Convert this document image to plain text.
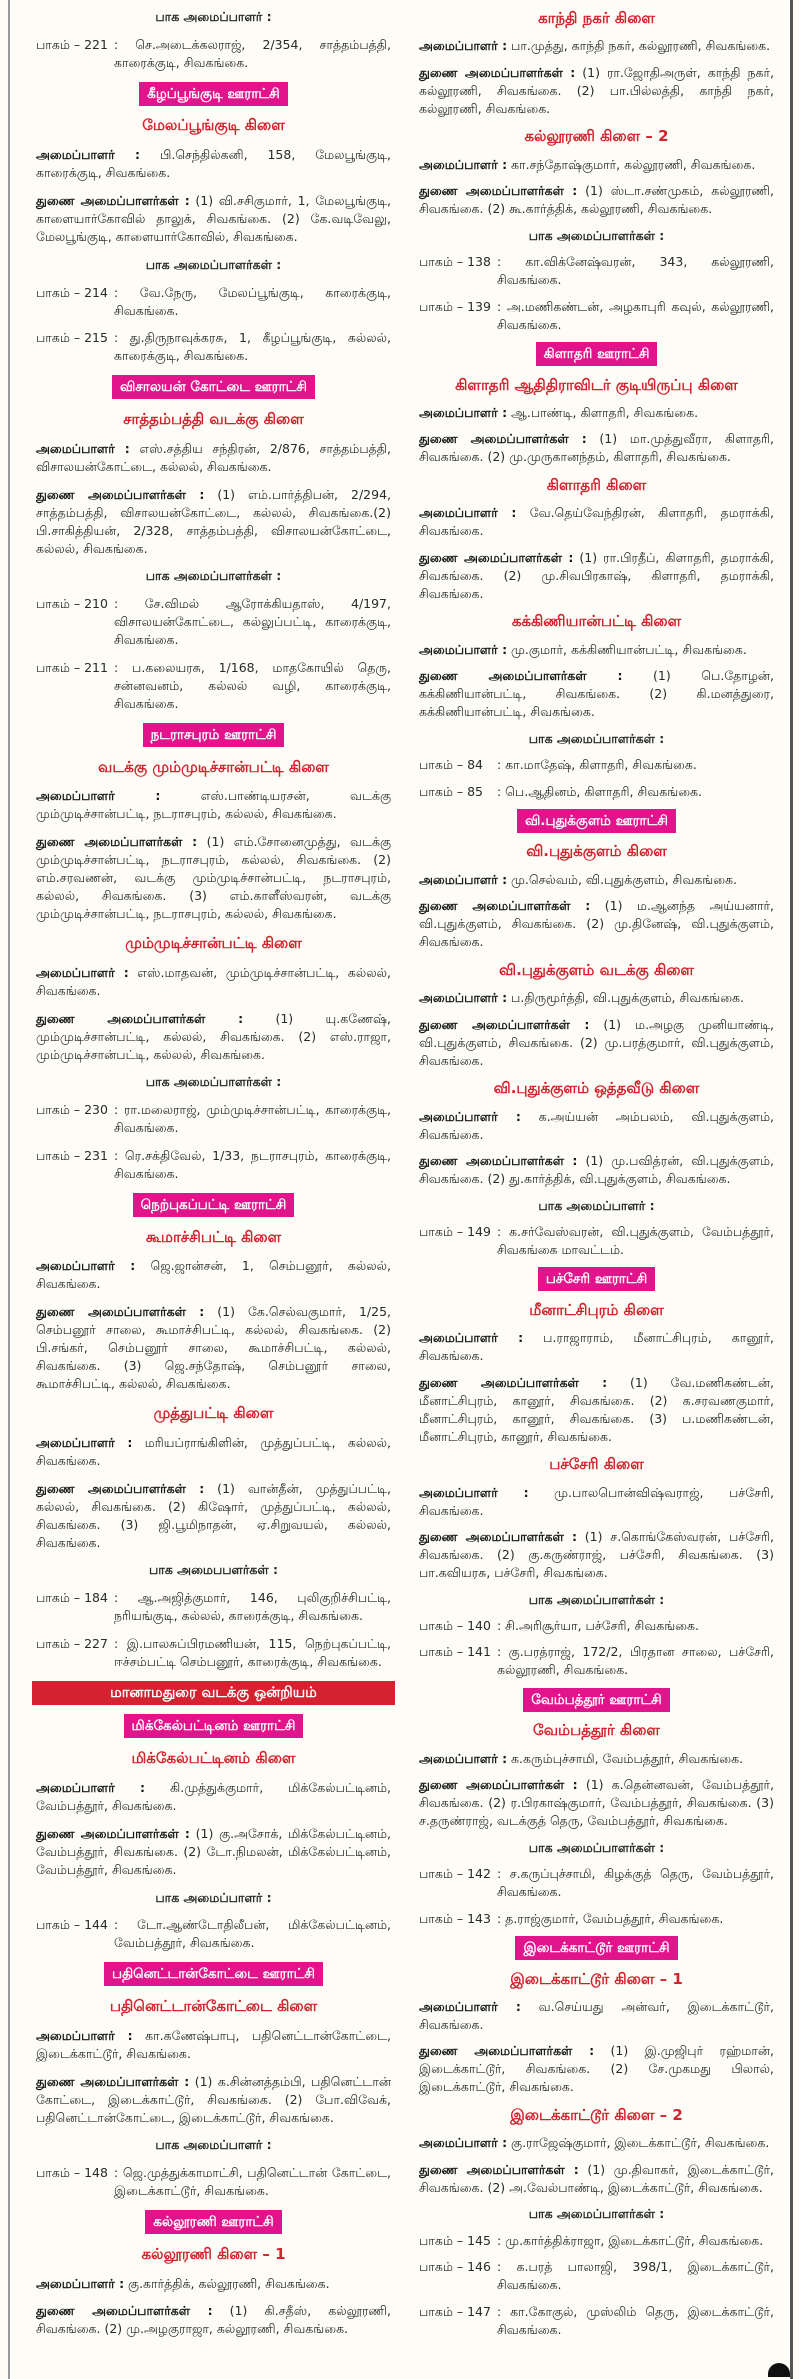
பாக அமைப்பாளர் :
பாகம் – 221 : செ.அடைக்கலராஜ், 2/354, சாத்தம்பத்தி, காரைக்குடி, சிவகங்கை.
கீழப்பூங்குடி ஊராட்சி
மேலப்பூங்குடி கிளை
அமைப்பாளர் : பி.செந்தில்கனி, 158, மேலபூங்குடி, காரைக்குடி, சிவகங்கை.
துணை அமைப்பாளர்கள் : (1) வி.சசிகுமார், 1, மேலபூங்குடி, காளையார்கோவில் தாலுக், சிவகங்கை. (2) கே.வடிவேலு, மேலபூங்குடி, காளையார்கோவில், சிவகங்கை.
பாக அமைப்பாளர்கள் :
பாகம் – 214 : வே.நேரு, மேலப்பூங்குடி, காரைக்குடி, சிவகங்கை.
பாகம் – 215 : து.திருநாவுக்கரசு, 1, கீழப்பூங்குடி, கல்லல், காரைக்குடி, சிவகங்கை.
விசாலயன் கோட்டை ஊராட்சி
சாத்தம்பத்தி வடக்கு கிளை
அமைப்பாளர் : எஸ்.சத்திய சந்திரன், 2/876, சாத்தம்பத்தி, விசாலயன்கோட்டை, கல்லல், சிவகங்கை.
துணை அமைப்பாளர்கள் : (1) எம்.பார்த்திபன், 2/294, சாத்தம்பத்தி, விசாலயன்கோட்டை, கல்லல், சிவகங்கை.(2) பி.சாகித்தியன், 2/328, சாத்தம்பத்தி, விசாலயன்கோட்டை, கல்லல், சிவகங்கை.
பாக அமைப்பாளர்கள் :
பாகம் – 210 : சே.விமல் ஆரோக்கியதாஸ், 4/197, விசாலயன்கோட்டை, கல்லுப்பட்டி, காரைக்குடி, சிவகங்கை.
பாகம் – 211 : ப.கலையரசு, 1/168, மாதகோயில் தெரு, சன்னவனம், கல்லல் வழி, காரைக்குடி, சிவகங்கை.
நடராசபுரம் ஊராட்சி
வடக்கு மும்முடிச்சான்பட்டி கிளை
அமைப்பாளர் : எஸ்.பாண்டியரசன், வடக்கு மும்முடிச்சான்பட்டி, நடராசபுரம், கல்லல், சிவகங்கை.
துணை அமைப்பாளர்கள் : (1) எம்.சோனைமுத்து, வடக்கு மும்முடிச்சான்பட்டி, நடராசபுரம், கல்லல், சிவகங்கை. (2) எம்.சரவணன், வடக்கு மும்முடிச்சான்பட்டி, நடராசபுரம், கல்லல், சிவகங்கை. (3) எம்.காளீஸ்வரன், வடக்கு மும்முடிச்சான்பட்டி, நடராசபுரம், கல்லல், சிவகங்கை.
மும்முடிச்சான்பட்டி கிளை
அமைப்பாளர் : எஸ்.மாதவன், மும்முடிச்சான்பட்டி, கல்லல், சிவகங்கை.
துணை அமைப்பாளர்கள் : (1) யு.கணேஷ், மும்முடிச்சான்பட்டி, கல்லல், சிவகங்கை. (2) எஸ்.ராஜா, மும்முடிச்சான்பட்டி, கல்லல், சிவகங்கை.
பாக அமைப்பாளர்கள் :
பாகம் – 230 : ரா.மலைராஜ், மும்முடிச்சான்பட்டி, காரைக்குடி, சிவகங்கை.
பாகம் – 231 : ரெ.சக்திவேல், 1/33, நடராசபுரம், காரைக்குடி, சிவகங்கை.
நெற்புகப்பட்டி ஊராட்சி
கூமாச்சிபட்டி கிளை
அமைப்பாளர் : ஜெ.ஜான்சன், 1, செம்பனூர், கல்லல், சிவகங்கை.
துணை அமைப்பாளர்கள் : (1) கே.செல்வகுமார், 1/25, செம்பனூர் சாலை, கூமாச்சிபட்டி, கல்லல், சிவகங்கை. (2) பி.சங்கர், செம்பனூர் சாலை, கூமாச்சிபட்டி, கல்லல், சிவகங்கை. (3) ஜெ.சந்தோஷ், செம்பனூர் சாலை, கூமாச்சிபட்டி, கல்லல், சிவகங்கை.
முத்துபட்டி கிளை
அமைப்பாளர் : மரியப்ராங்கிளின், முத்துப்பட்டி, கல்லல், சிவகங்கை.
துணை அமைப்பாளர்கள் : (1) வான்தீன், முத்துப்பட்டி, கல்லல், சிவகங்கை. (2) கிஷோர், முத்துப்பட்டி, கல்லல், சிவகங்கை. (3) ஜி.பூமிநாதன், ஏ.சிறுவயல், கல்லல், சிவகங்கை.
பாக அமைபபளர்கள் :
பாகம் – 184 : ஆ.அஜித்குமார், 146, புலிகுறிச்சிபட்டி, நரியங்குடி, கல்லல், காரைக்குடி, சிவகங்கை.
பாகம் – 227 : இ.பாலசுப்பிரமணியன், 115, நெற்புகப்பட்டி, ஈச்சம்பட்டி செம்பனூர், காரைக்குடி, சிவகங்கை.
மானாமதுரை வடக்கு ஒன்றியம்
மிக்கேல்பட்டினம் ஊராட்சி
மிக்கேல்பட்டினம் கிளை
அமைப்பாளர் : கி.முத்துக்குமார், மிக்கேல்பட்டினம், வேம்பத்தூர், சிவகங்கை.
துணை அமைப்பாளர்கள் : (1) கு.அசோக், மிக்கேல்பட்டினம், வேம்பத்தூர், சிவகங்கை. (2) டோ.நிமலன், மிக்கேல்பட்டினம், வேம்பத்தூர், சிவகங்கை.
பாக அமைப்பாளர் :
பாகம் – 144 : டோ.ஆண்டோதிலீபன், மிக்கேல்பட்டினம், வேம்பத்தூர், சிவகங்கை.
பதினெட்டான்கோட்டை ஊராட்சி
பதினெட்டான்கோட்டை கிளை
அமைப்பாளர் : கா.கணேஷ்பாபு, பதினெட்டான்கோட்டை, இடைக்காட்டூர், சிவகங்கை.
துணை அமைப்பாளர்கள் : (1) க.சின்னத்தம்பி, பதினெட்டான் கோட்டை, இடைக்காட்டூர், சிவகங்கை. (2) போ.விவேக், பதினெட்டான்கோட்டை, இடைக்காட்டூர், சிவகங்கை.
பாக அமைப்பாளர் :
பாகம் – 148 : ஜெ.முத்துக்காமாட்சி, பதினெட்டான் கோட்டை, இடைக்காட்டூர், சிவகங்கை.
கல்லூரணி ஊராட்சி
கல்லூரணி கிளை – 1
அமைப்பாளர் : கு.கார்த்திக், கல்லூரணி, சிவகங்கை.
துணை அமைப்பாளர்கள் : (1) கி.சதீஸ், கல்லூரணி, சிவகங்கை. (2) மு.அழகுராஜா, கல்லூரணி, சிவகங்கை.
காந்தி நகர் கிளை
அமைப்பாளர் : பா.முத்து, காந்தி நகர், கல்லூரணி, சிவகங்கை.
துணை அமைப்பாளர்கள் : (1) ரா.ஜோதிஅருள், காந்தி நகர், கல்லூரணி, சிவகங்கை. (2) பா.பில்லத்தி, காந்தி நகர், கல்லூரணி, சிவகங்கை.
கல்லூரணி கிளை – 2
அமைப்பாளர் : கா.சந்தோஷ்குமார், கல்லூரணி, சிவகங்கை.
துணை அமைப்பாளர்கள் : (1) ஸ்டா.சண்முகம், கல்லூரணி, சிவகங்கை. (2) கூ.கார்த்திக், கல்லூரணி, சிவகங்கை.
பாக அமைப்பாளர்கள் :
பாகம் – 138 : கா.விக்னேஷ்வரன், 343, கல்லூரணி, சிவகங்கை.
பாகம் – 139 : அ.மணிகண்டன், அழகாபுரி கவுல், கல்லூரணி, சிவகங்கை.
கிளாதரி ஊராட்சி
கிளாதரி ஆதிதிராவிடர் குடியிருப்பு கிளை
அமைப்பாளர் : ஆ.பாண்டி, கிளாதரி, சிவகங்கை.
துணை அமைப்பாளர்கள் : (1) மா.முத்துவீரா, கிளாதரி, சிவகங்கை. (2) மு.முருகானந்தம், கிளாதரி, சிவகங்கை.
கிளாதரி கிளை
அமைப்பாளர் : வே.தெய்வேந்திரன், கிளாதரி, தமராக்கி, சிவகங்கை.
துணை அமைப்பாளர்கள் : (1) ரா.பிரதீப், கிளாதரி, தமராக்கி, சிவகங்கை. (2) மு.சிவபிரகாஷ், கிளாதரி, தமராக்கி, சிவகங்கை.
கக்கிணியான்பட்டி கிளை
அமைப்பாளர் : மு.குமார், கக்கிணியான்பட்டி, சிவகங்கை.
துணை அமைப்பாளர்கள் : (1) பெ.தோழன், கக்கிணியான்பட்டி, சிவகங்கை. (2) கி.மனத்துரை, கக்கிணியான்பட்டி, சிவகங்கை.
பாக அமைப்பாளர்கள் :
பாகம் – 84	: கா.மாதேஷ், கிளாதரி, சிவகங்கை.
பாகம் – 85	: பெ.ஆதினம், கிளாதரி, சிவகங்கை.
வி.புதுக்குளம் ஊராட்சி
வி.புதுக்குளம் கிளை
அமைப்பாளர் : மு.செல்வம், வி.புதுக்குளம், சிவகங்கை.
துணை அமைப்பாளர்கள் : (1) ம.ஆனந்த அய்யனார், வி.புதுக்குளம், சிவகங்கை. (2) மு.தினேஷ், வி.புதுக்குளம், சிவகங்கை.
வி.புதுக்குளம் வடக்கு கிளை
அமைப்பாளர் : ப.திருமூர்த்தி, வி.புதுக்குளம், சிவகங்கை.
துணை அமைப்பாளர்கள் : (1) ம.அழகு முனியாண்டி, வி.புதுக்குளம், சிவகங்கை. (2) மு.பரத்குமார், வி.புதுக்குளம், சிவகங்கை.
வி.புதுக்குளம் ஒத்தவீடு கிளை
அமைப்பாளர் : க.அய்யன் அம்பலம், வி.புதுக்குளம், சிவகங்கை.
துணை அமைப்பாளர்கள் : (1) மு.பவித்ரன், வி.புதுக்குளம், சிவகங்கை. (2) து.கார்த்திக், வி.புதுக்குளம், சிவகங்கை.
பாக அமைப்பாளர் :
பாகம் – 149 : க.சர்வேஸ்வரன், வி.புதுக்குளம், வேம்பத்தூர், சிவகங்கை மாவட்டம்.
பச்சேரி ஊராட்சி
மீனாட்சிபுரம் கிளை
அமைப்பாளர் : ப.ராஜாராம், மீனாட்சிபுரம், கானூர், சிவகங்கை.
துணை அமைப்பாளர்கள் : (1) வே.மணிகண்டன், மீனாட்சிபுரம், கானூர், சிவகங்கை. (2) க.சரவணகுமார், மீனாட்சிபுரம், கானூர், சிவகங்கை. (3) ப.மணிகண்டன், மீனாட்சிபுரம், கானூர், சிவகங்கை.
பச்சேரி கிளை
அமைப்பாளர் : மு.பாலபொன்விஷ்வராஜ், பச்சேரி, சிவகங்கை.
துணை அமைப்பாளர்கள் : (1) ச.கொங்கேஸ்வரன், பச்சேரி, சிவகங்கை. (2) கு.கருண்ராஜ், பச்சேரி, சிவகங்கை. (3) பா.கவியரசு, பச்சேரி, சிவகங்கை.
பாக அமைப்பாளர்கள் :
பாகம் – 140 : சி.அரிசூர்யா, பச்சேரி, சிவகங்கை.
பாகம் – 141 : கு.பரத்ராஜ், 172/2, பிரதான சாலை, பச்சேரி, கல்லூரணி, சிவகங்கை.
வேம்பத்தூர் ஊராட்சி
வேம்பத்தூர் கிளை
அமைப்பாளர் : க.கரும்புச்சாமி, வேம்பத்தூர், சிவகங்கை.
துணை அமைப்பாளர்கள் : (1) க.தென்னவன், வேம்பத்தூர், சிவகங்கை. (2) ர.பிரகாஷ்குமார், வேம்பத்தூர், சிவகங்கை. (3) ச.தருண்ராஜ், வடக்குத் தெரு, வேம்பத்தூர், சிவகங்கை.
பாக அமைப்பாளர்கள் :
பாகம் – 142 : ச.கருப்புச்சாமி, கிழக்குத் தெரு, வேம்பத்தூர், சிவகங்கை.
பாகம் – 143 : த.ராஜ்குமார், வேம்பத்தூர், சிவகங்கை.
இடைக்காட்டூர் ஊராட்சி
இடைக்காட்டூர் கிளை – 1
அமைப்பாளர் : வ.செய்யது அன்வர், இடைக்காட்டூர், சிவகங்கை.
துணை அமைப்பாளர்கள் : (1) இ.முஜிபுர் ரஹ்மான், இடைக்காட்டூர், சிவகங்கை. (2) சே.முகமது பிலால், இடைக்காட்டூர், சிவகங்கை.
இடைக்காட்டூர் கிளை – 2
அமைப்பாளர் : கு.ராஜேஷ்குமார், இடைக்காட்டூர், சிவகங்கை.
துணை அமைப்பாளர்கள் : (1) மு.திவாகர், இடைக்காட்டூர், சிவகங்கை. (2) அ.வேல்பாண்டி, இடைக்காட்டூர், சிவகங்கை.
பாக அமைப்பாளர்கள் :
பாகம் – 145 : மு.கார்த்திக்ராஜா, இடைக்காட்டூர், சிவகங்கை.
பாகம் – 146 : க.பரத் பாலாஜி, 398/1, இடைக்காட்டூர், சிவகங்கை.
பாகம் – 147 : கா.கோகுல், முஸ்லிம் தெரு, இடைக்காட்டூர், சிவகங்கை.
